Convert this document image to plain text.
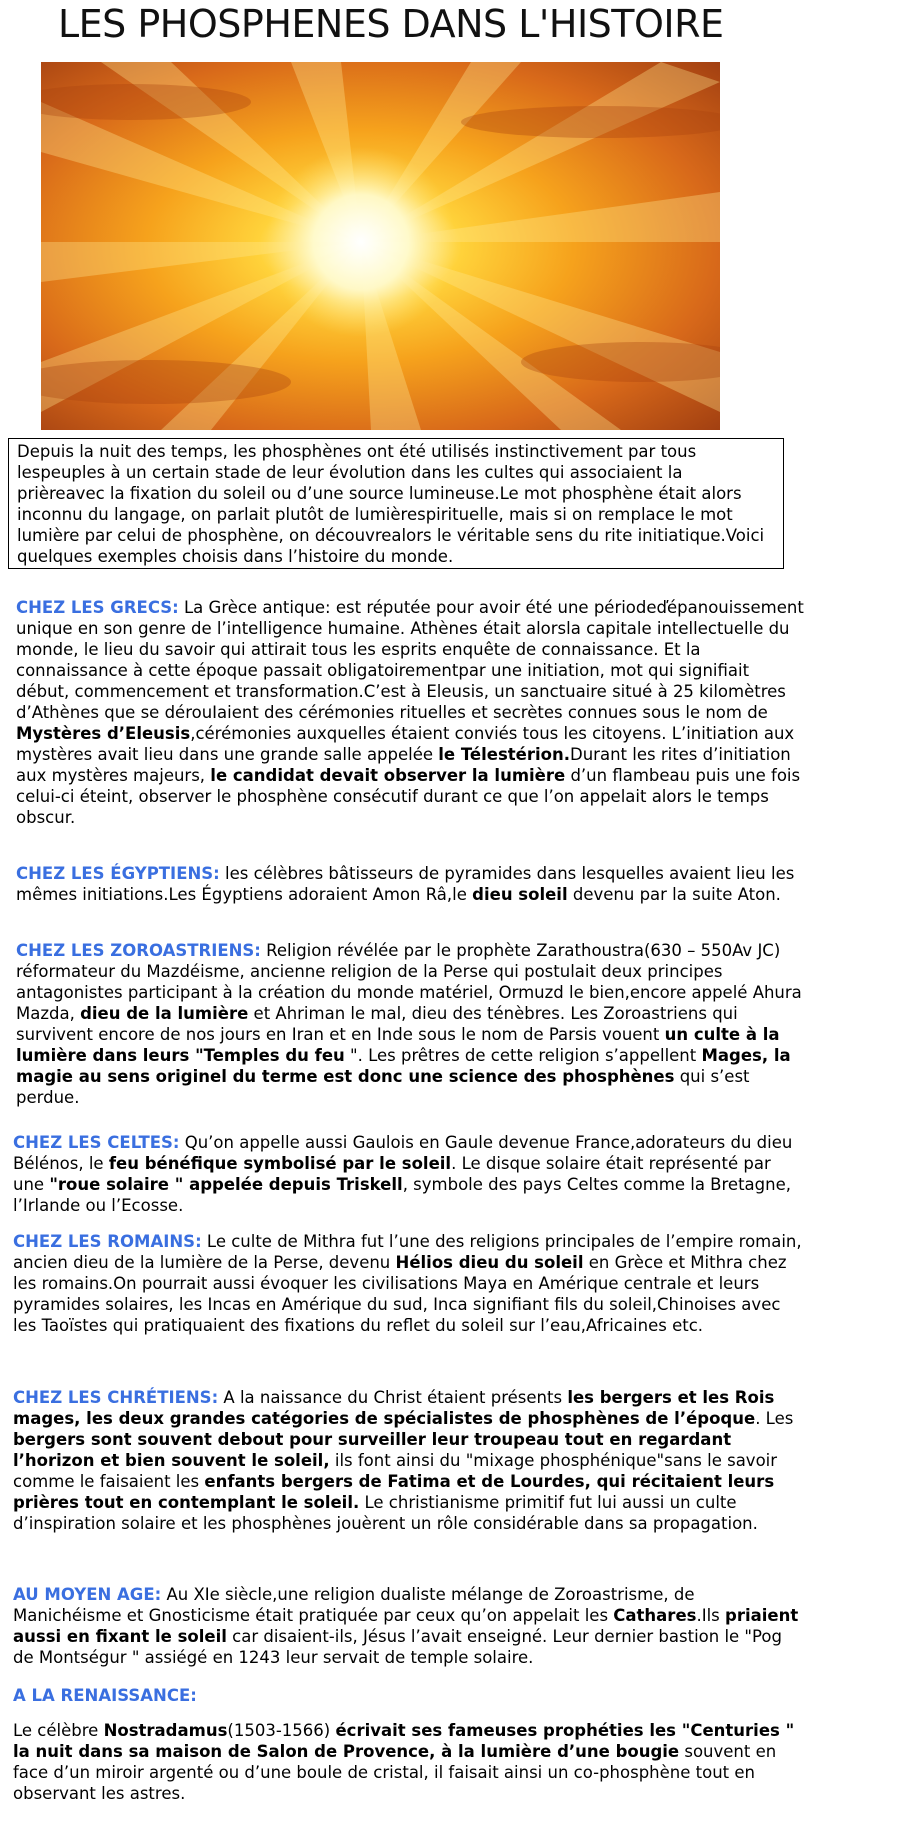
LES PHOSPHENES DANS L'HISTOIRE
Depuis la nuit des temps, les phosphènes ont été utilisés instinctivement par tous lespeuples à un certain stade de leur évolution dans les cultes qui associaient la prièreavec la fixation du soleil ou d’une source lumineuse.Le mot phosphène était alors inconnu du langage, on parlait plutôt de lumièrespirituelle, mais si on remplace le mot lumière par celui de phosphène, on découvrealors le véritable sens du rite initiatique.Voici quelques exemples choisis dans l’histoire du monde.

CHEZ LES GRECS: La Grèce antique: est réputée pour avoir été une périodeďépanouissement unique en son genre de l’intelligence humaine. Athènes était alorsla capitale intellectuelle du monde, le lieu du savoir qui attirait tous les esprits enquête de connaissance. Et la connaissance à cette époque passait obligatoirementpar une initiation, mot qui signifiait début, commencement et transformation.C’est à Eleusis, un sanctuaire situé à 25 kilomètres d’Athènes que se dérouIaient des cérémonies rituelles et secrètes connues sous le nom de Mystères d’Eleusis,cérémonies auxquelles étaient conviés tous les citoyens. L’initiation aux mystères avait lieu dans une grande salle appelée le Télestérion.Durant les rites d’initiation aux mystères majeurs, le candidat devait observer la lumière d’un flambeau puis une fois celui-ci éteint, observer le phosphène consécutif durant ce que l’on appelait alors le temps obscur.

CHEZ LES ÉGYPTIENS: les célèbres bâtisseurs de pyramides dans lesquelles avaient lieu les mêmes initiations.Les Égyptiens adoraient Amon Râ,le dieu soleil devenu par la suite Aton.

CHEZ LES ZOROASTRIENS: Religion révélée par le prophète Zarathoustra(630 – 550Av JC) réformateur du Mazdéisme, ancienne religion de la Perse qui postulait deux principes antagonistes participant à la création du monde matériel, Ormuzd le bien,encore appelé Ahura Mazda, dieu de la lumière et Ahriman le mal, dieu des ténèbres. Les Zoroastriens qui survivent encore de nos jours en Iran et en Inde sous le nom de Parsis vouent un culte à la lumière dans leurs "Temples du feu ". Les prêtres de cette religion s’appellent Mages, la magie au sens originel du terme est donc une science des phosphènes qui s’est perdue.

CHEZ LES CELTES: Qu’on appelle aussi Gaulois en Gaule devenue France,adorateurs du dieu Bélénos, le feu bénéfique symbolisé par le soleil. Le disque solaire était représenté par une "roue solaire " appelée depuis Triskell, symbole des pays Celtes comme la Bretagne, l’Irlande ou l’Ecosse.

CHEZ LES ROMAINS: Le culte de Mithra fut l’une des religions principales de l’empire romain, ancien dieu de la lumière de la Perse, devenu Hélios dieu du soleil en Grèce et Mithra chez les romains.On pourrait aussi évoquer les civilisations Maya en Amérique centrale et leurs pyramides solaires, les Incas en Amérique du sud, Inca signifiant fils du soleil,Chinoises avec les Taoïstes qui pratiquaient des fixations du reflet du soleil sur l’eau,Africaines etc.

CHEZ LES CHRÉTIENS: A la naissance du Christ étaient présents les bergers et les Rois mages, les deux grandes catégories de spécialistes de phosphènes de l’époque. Les bergers sont souvent debout pour surveiller leur troupeau tout en regardant l’horizon et bien souvent le soleil, ils font ainsi du "mixage phosphénique"sans le savoir comme le faisaient les enfants bergers de Fatima et de Lourdes, qui récitaient leurs prières tout en contemplant le soleil. Le christianisme primitif fut lui aussi un culte d’inspiration solaire et les phosphènes jouèrent un rôle considérable dans sa propagation.

AU MOYEN AGE: Au XIe siècle,une religion dualiste mélange de Zoroastrisme, de Manichéisme et Gnosticisme était pratiquée par ceux qu’on appelait les Cathares.Ils priaient aussi en fixant le soleil car disaient-ils, Jésus l’avait enseigné. Leur dernier bastion le "Pog de Montségur " assiégé en 1243 leur servait de temple solaire.

A LA RENAISSANCE:

Le célèbre Nostradamus(1503-1566) écrivait ses fameuses prophéties les "Centuries " la nuit dans sa maison de Salon de Provence, à la lumière d’une bougie souvent en face d’un miroir argenté ou d’une boule de cristal, il faisait ainsi un co-phosphène tout en observant les astres.
